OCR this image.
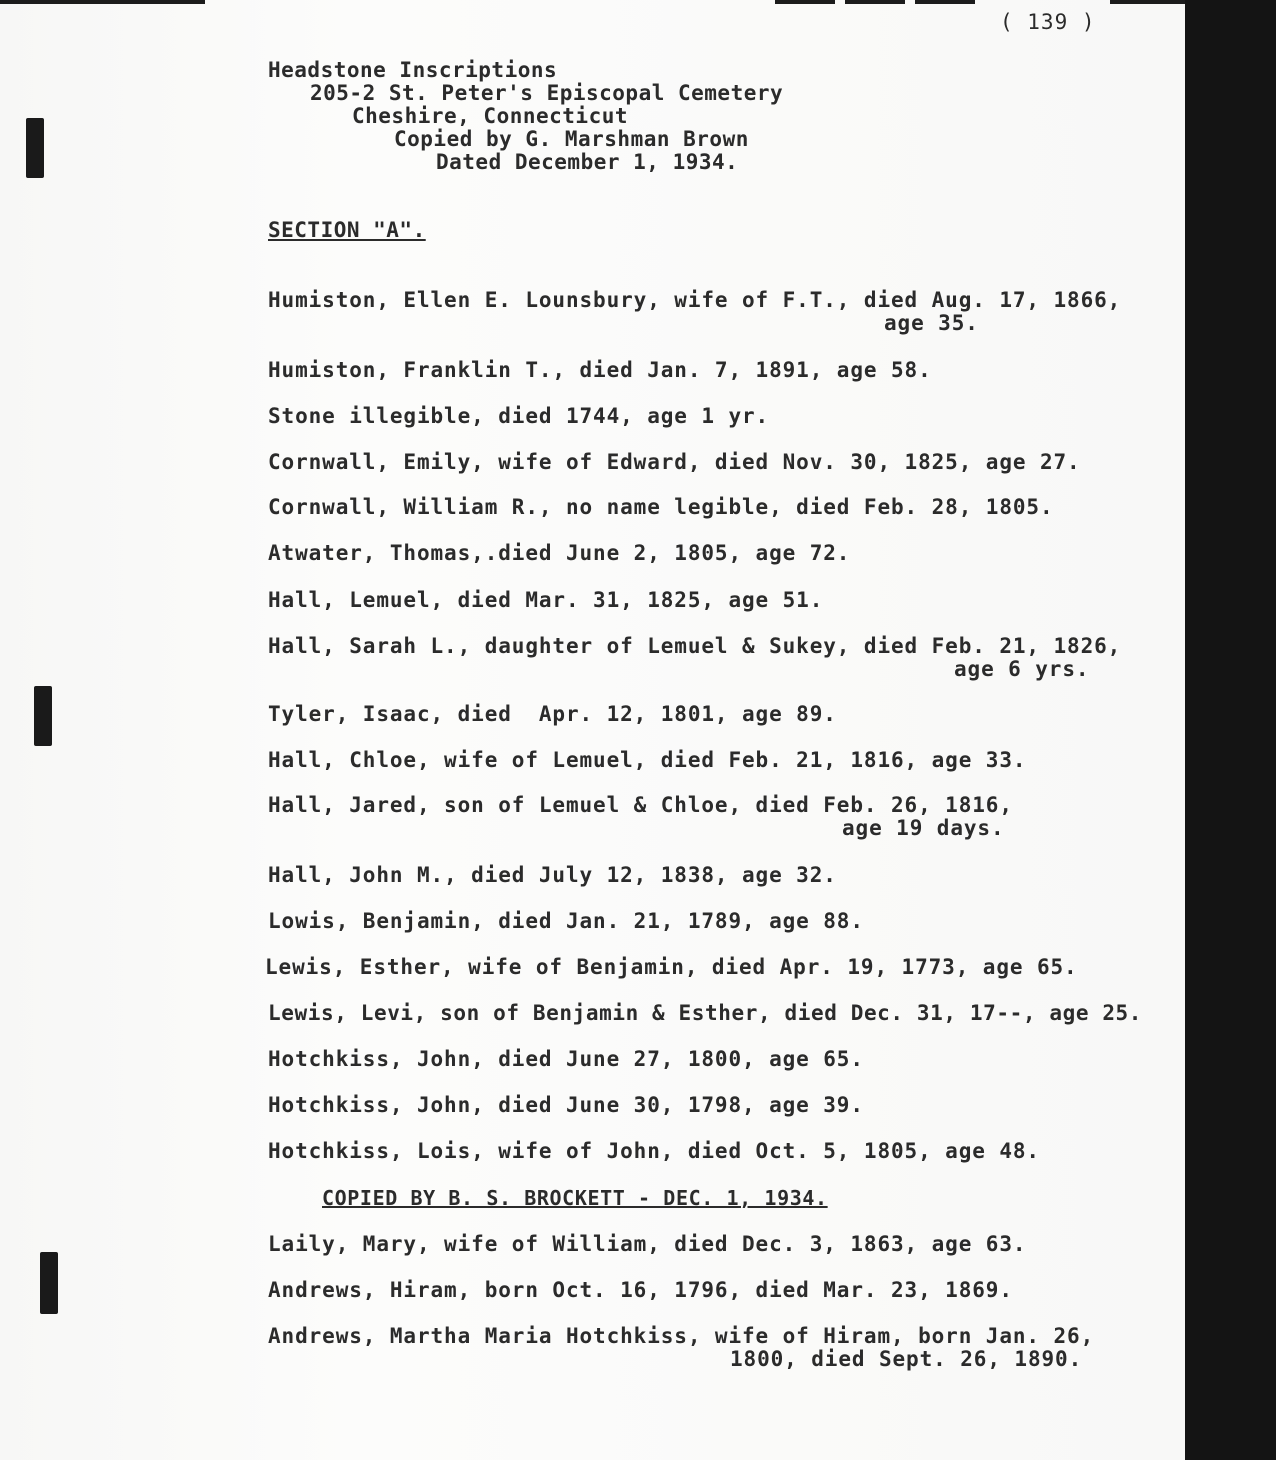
( 139 )
Headstone Inscriptions
205-2 St. Peter's Episcopal Cemetery
Cheshire, Connecticut
Copied by G. Marshman Brown
Dated December 1, 1934.
SECTION "A".
Humiston, Ellen E. Lounsbury, wife of F.T., died Aug. 17, 1866,
age 35.
Humiston, Franklin T., died Jan. 7, 1891, age 58.
Stone illegible, died 1744, age 1 yr.
Cornwall, Emily, wife of Edward, died Nov. 30, 1825, age 27.
Cornwall, William R., no name legible, died Feb. 28, 1805.
Atwater, Thomas,.died June 2, 1805, age 72.
Hall, Lemuel, died Mar. 31, 1825, age 51.
Hall, Sarah L., daughter of Lemuel & Sukey, died Feb. 21, 1826,
age 6 yrs.
Tyler, Isaac, died  Apr. 12, 1801, age 89.
Hall, Chloe, wife of Lemuel, died Feb. 21, 1816, age 33.
Hall, Jared, son of Lemuel & Chloe, died Feb. 26, 1816,
age 19 days.
Hall, John M., died July 12, 1838, age 32.
Lowis, Benjamin, died Jan. 21, 1789, age 88.
Lewis, Esther, wife of Benjamin, died Apr. 19, 1773, age 65.
Lewis, Levi, son of Benjamin & Esther, died Dec. 31, 17--, age 25.
Hotchkiss, John, died June 27, 1800, age 65.
Hotchkiss, John, died June 30, 1798, age 39.
Hotchkiss, Lois, wife of John, died Oct. 5, 1805, age 48.
COPIED BY B. S. BROCKETT - DEC. 1, 1934.
Laily, Mary, wife of William, died Dec. 3, 1863, age 63.
Andrews, Hiram, born Oct. 16, 1796, died Mar. 23, 1869.
Andrews, Martha Maria Hotchkiss, wife of Hiram, born Jan. 26,
1800, died Sept. 26, 1890.
